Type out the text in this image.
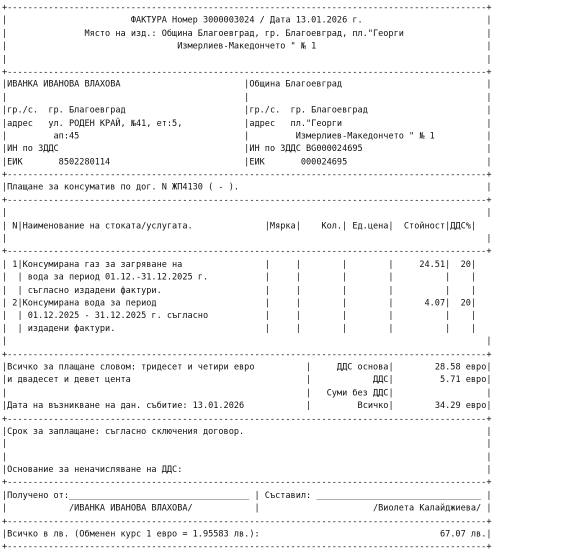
+---------------------------------------------------------------------------------------------+
|                        ФАКТУРА Номер 3000003024 / Дата 13.01.2026 г.                        |
|               Място на изд.: Община Благоевград, гр. Благоевград, пл."Георги                |
|                                 Измерлиев-Македончето " № 1                                 |
|                                                                                             |
+---------------------------------------------------------------------------------------------+
|ИВАНКА ИВАНОВА ВЛАХОВА                        |Община Благоевград                            |
|                                              |                                              |
|гр./с.  гр. Благоевград                       |гр./с.  гр. Благоевград                       |
|адрес   ул. РОДЕН КРАЙ, №41, ет:5,            |адрес   пл."Георги                            |
|         ап:45                                |         Измерлиев-Македончето " № 1          |
|ИН по ЗДДС                                    |ИН по ЗДДС BG000024695                        |
|ЕИК       8502280114                          |ЕИК       000024695                           |
+---------------------------------------------------------------------------------------------+
|Плащане за консуматив по дог. N ЖП4130 ( - ).                                                |
+---------------------------------------------------------------------------------------------+
|                                                                                             |
| N|Наименование на стоката/услугата.              |Мярка|    Кол.| Ед.цена|  Стойност|ДДС%|
|                                                                                             |
+---------------------------------------------------------------------------------------------+
| 1|Консумирана газ за загряване на                |     |        |        |     24.51|  20|
|  | вода за период 01.12.-31.12.2025 г.           |     |        |        |          |    |
|  | съгласно издадени фактури.                    |     |        |        |          |    |
| 2|Консумирана вода за период                     |     |        |        |      4.07|  20|
|  | 01.12.2025 - 31.12.2025 г. съгласно           |     |        |        |          |    |
|  | издадени фактури.                             |     |        |        |          |    |
|                                                                                             |
+---------------------------------------------------------------------------------------------+
|Всичко за плащане словом: тридесет и четири евро          |     ДДС основа|        28.58 евро|
|и двадесет и девет цента                                  |            ДДС|         5.71 евро|
|                                                          |   Суми без ДДС|	|
|Дата на възникване на дан. събитие: 13.01.2026            |         Всичко|        34.29 евро|
+---------------------------------------------------------------------------------------------+
|Срок за заплащане: съгласно сключения договор.                                               |
|                                                                                             |
|                                                                                             |
|Основание за неначисляване на ДДС:                                                           |
+---------------------------------------------------------------------------------------------+
|Получено от:___________________________________ | Съставил: ________________________________ |
|            /ИВАНКА ИВАНОВА ВЛАХОВА/            |                      /Виолета Калайджиева/ |
+---------------------------------------------------------------------------------------------+
|Всичко в лв. (Обменен курс 1 евро = 1.95583 лв.):                                   67.07 лв.|
+---------------------------------------------------------------------------------------------+
